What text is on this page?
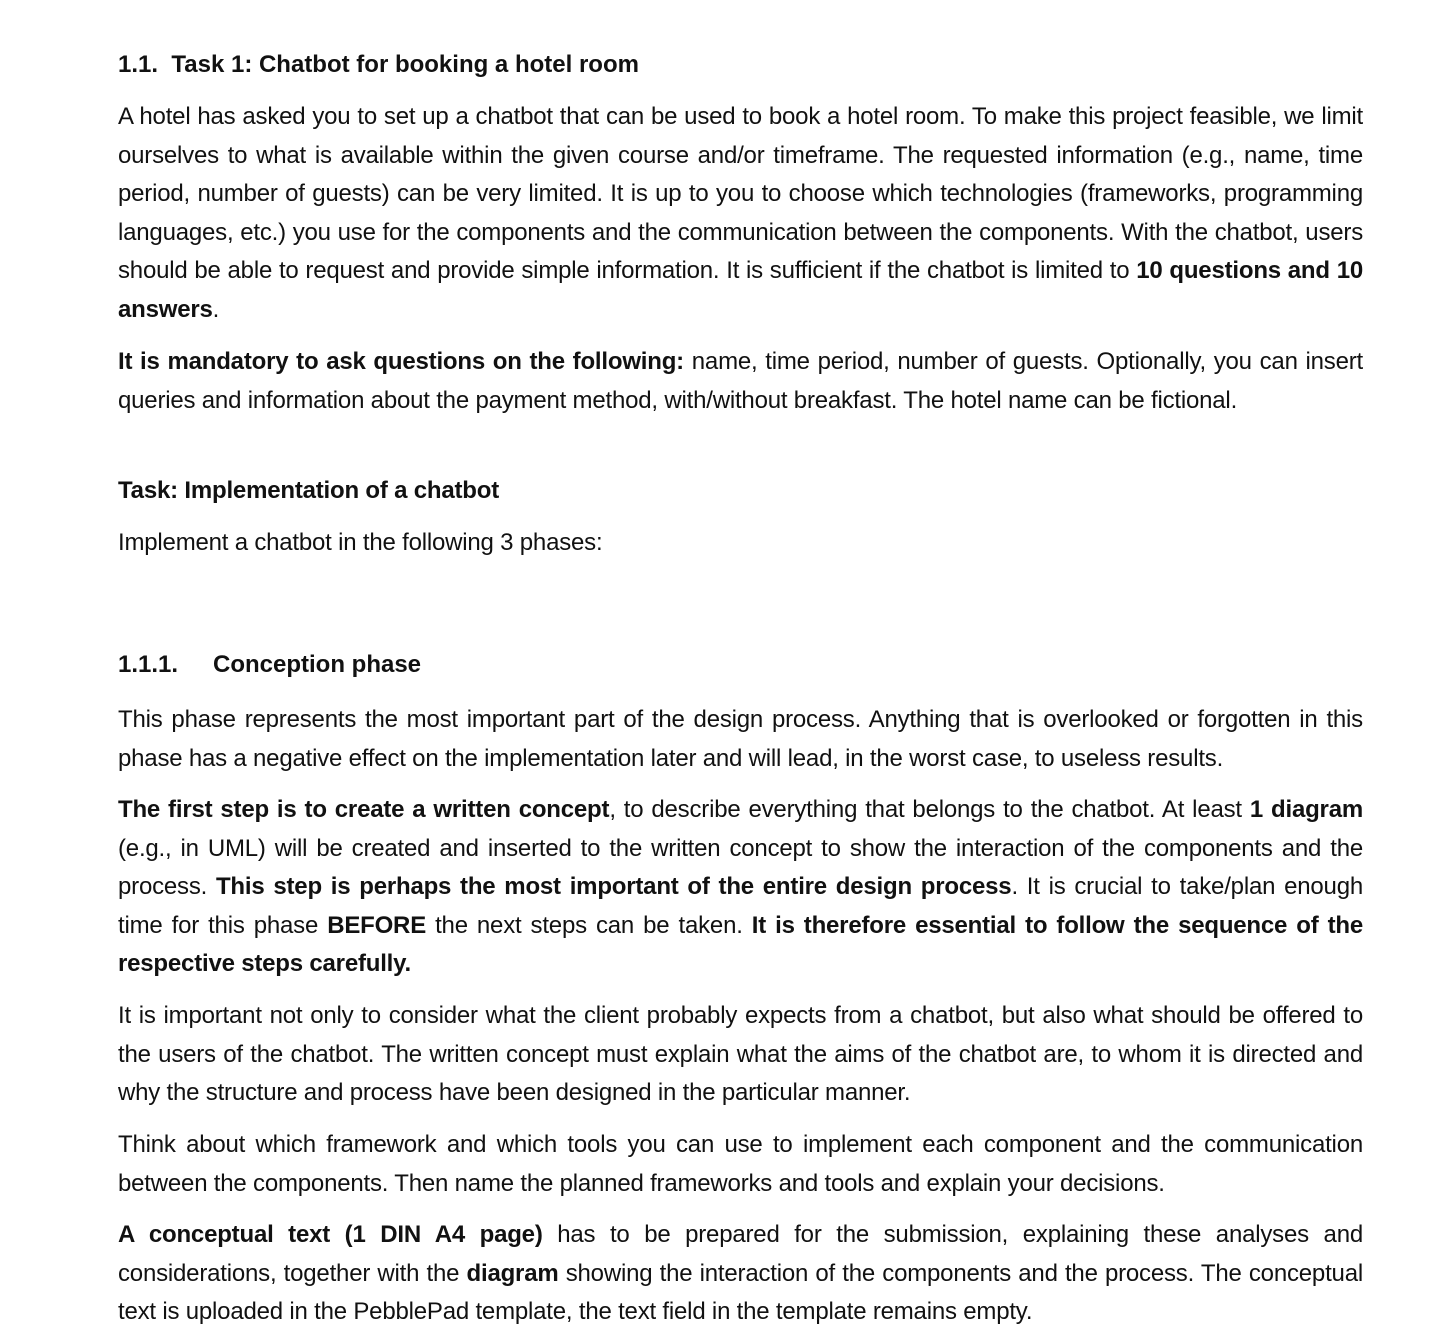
1.1. Task 1: Chatbot for booking a hotel room

A hotel has asked you to set up a chatbot that can be used to book a hotel room. To make this project feasible, we limit ourselves to what is available within the given course and/or timeframe. The requested information (e.g., name, time period, number of guests) can be very limited. It is up to you to choose which technologies (frameworks, programming languages, etc.) you use for the components and the communication between the components. With the chatbot, users should be able to request and provide simple information. It is sufficient if the chatbot is limited to 10 questions and 10 answers.

It is mandatory to ask questions on the following: name, time period, number of guests. Optionally, you can insert queries and information about the payment method, with/without breakfast. The hotel name can be fictional.

Task: Implementation of a chatbot

Implement a chatbot in the following 3 phases:

1.1.1. Conception phase

This phase represents the most important part of the design process. Anything that is overlooked or forgotten in this phase has a negative effect on the implementation later and will lead, in the worst case, to useless results.

The first step is to create a written concept, to describe everything that belongs to the chatbot. At least 1 diagram (e.g., in UML) will be created and inserted to the written concept to show the interaction of the components and the process. This step is perhaps the most important of the entire design process. It is crucial to take/plan enough time for this phase BEFORE the next steps can be taken. It is therefore essential to follow the sequence of the respective steps carefully.

It is important not only to consider what the client probably expects from a chatbot, but also what should be offered to the users of the chatbot. The written concept must explain what the aims of the chatbot are, to whom it is directed and why the structure and process have been designed in the particular manner.

Think about which framework and which tools you can use to implement each component and the communication between the components. Then name the planned frameworks and tools and explain your decisions.

A conceptual text (1 DIN A4 page) has to be prepared for the submission, explaining these analyses and considerations, together with the diagram showing the interaction of the components and the process. The conceptual text is uploaded in the PebblePad template, the text field in the template remains empty.
